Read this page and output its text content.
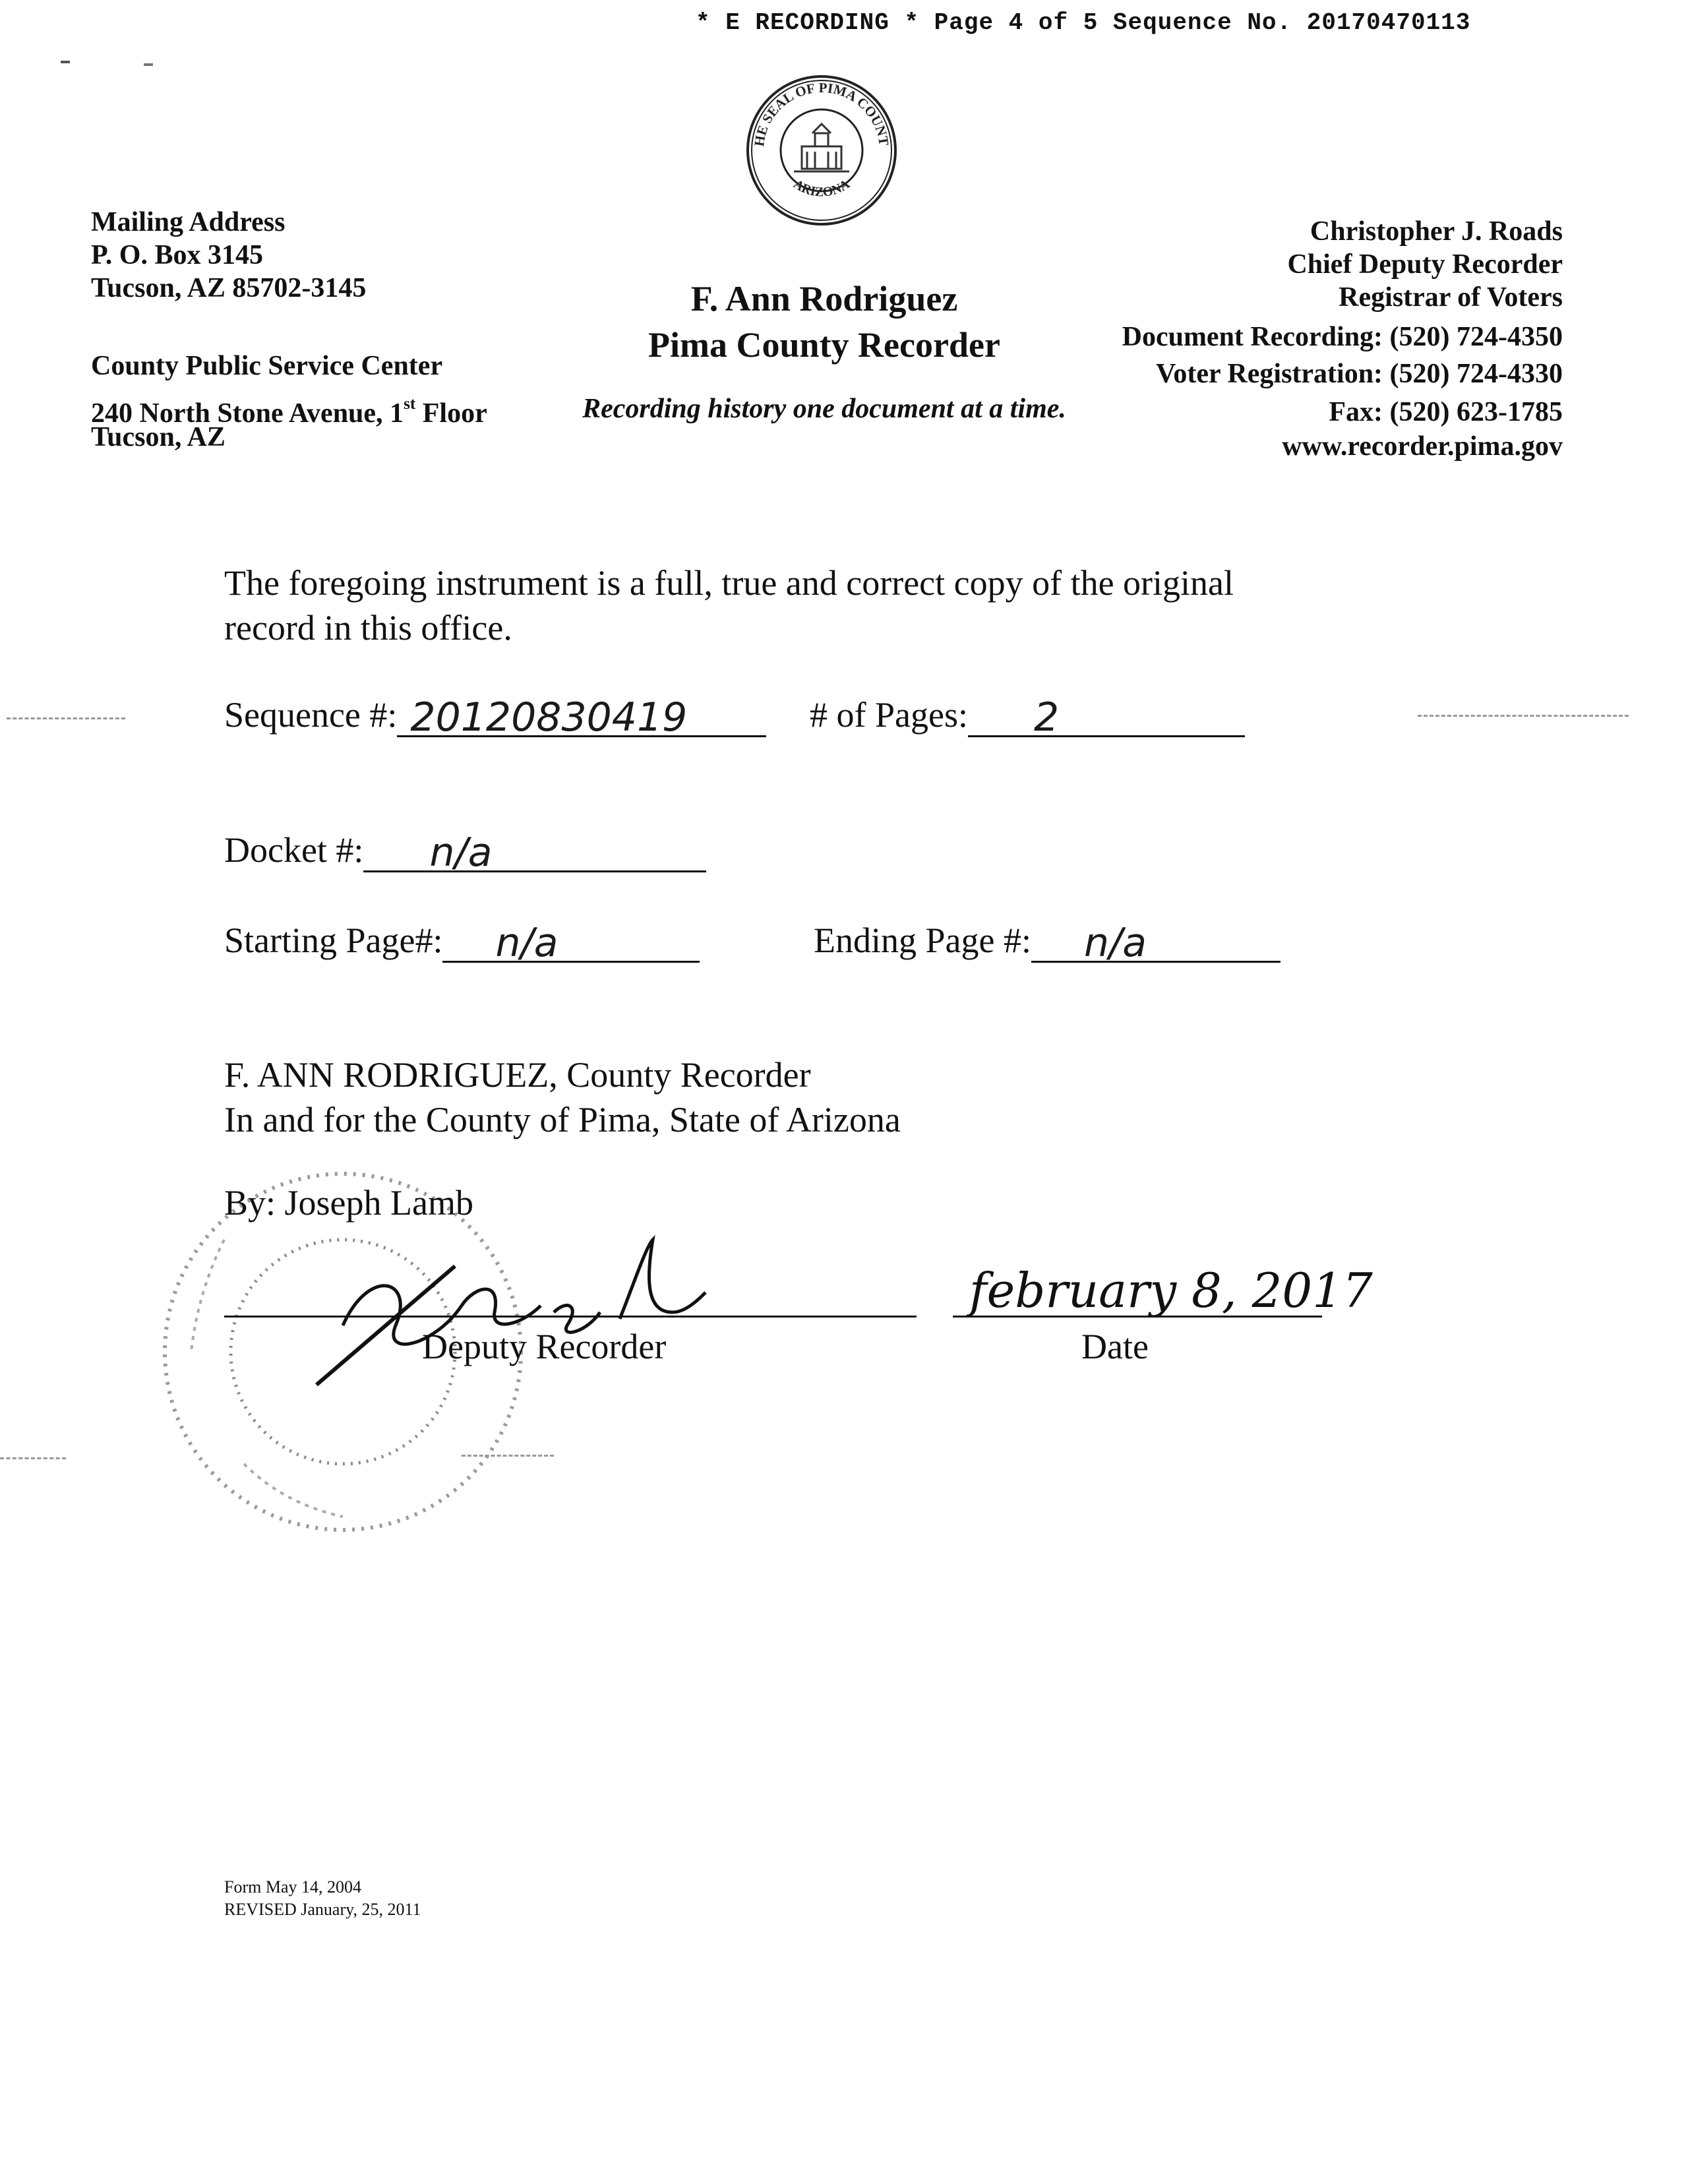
* E RECORDING * Page 4 of 5 Sequence No. 20170470113
HE SEAL OF PIMA COUNT
ARIZONA
Mailing Address
P. O. Box 3145
Tucson, AZ 85702-3145
County Public Service Center
240 North Stone Avenue, 1st Floor
Tucson, AZ
F. Ann Rodriguez
Pima County Recorder
Recording history one document at a time.
Christopher J. Roads
Chief Deputy Recorder
Registrar of Voters
Document Recording: (520) 724-4350
Voter Registration: (520) 724-4330
Fax: (520) 623-1785
www.recorder.pima.gov
The foregoing instrument is a full, true and correct copy of the original
record in this office.
Sequence #: 20120830419	# of Pages: 2
Docket #: n/a
Starting Page#: n/a	Ending Page #: n/a
F. ANN RODRIGUEZ, County Recorder
In and for the County of Pima, State of Arizona
By: Joseph Lamb
Deputy Recorder
february 8, 2017
Date
Form May 14, 2004
REVISED January, 25, 2011
